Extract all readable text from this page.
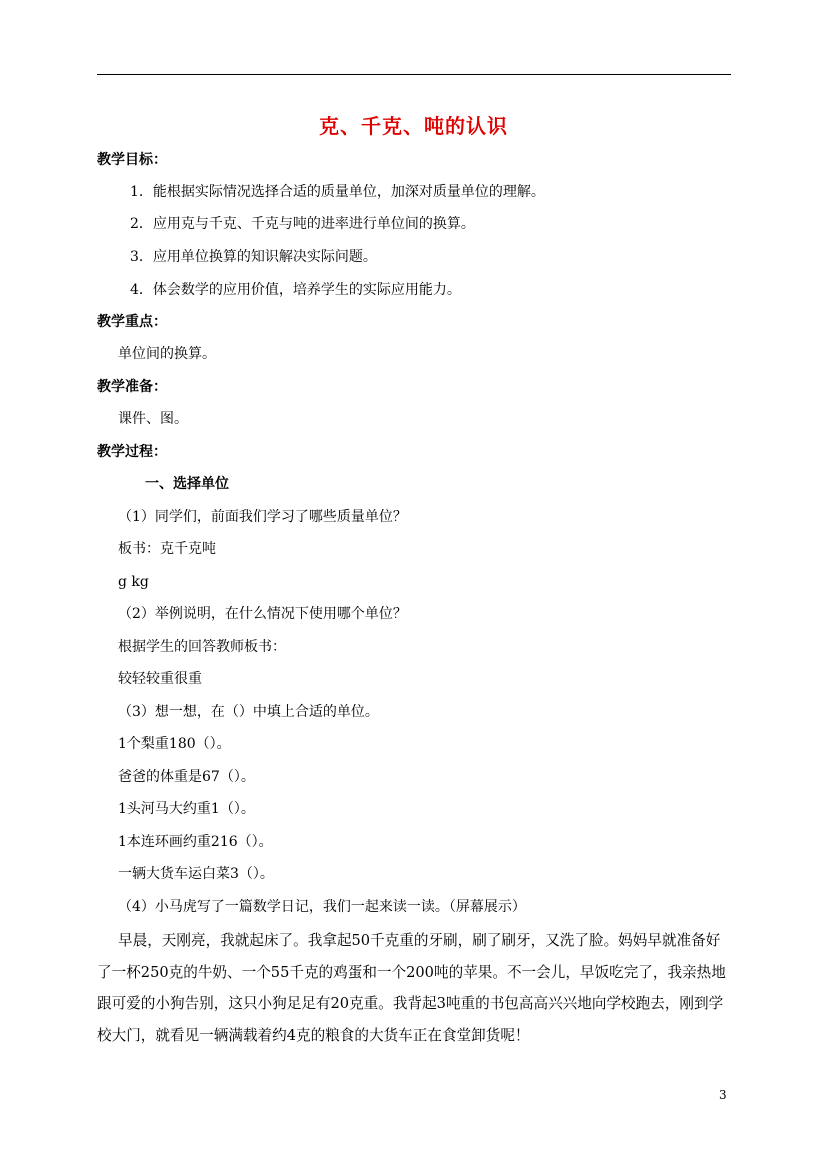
克、千克、吨的认识
教学目标：
1．能根据实际情况选择合适的质量单位，加深对质量单位的理解。
2．应用克与千克、千克与吨的进率进行单位间的换算。
3．应用单位换算的知识解决实际问题。
4．体会数学的应用价值，培养学生的实际应用能力。
教学重点：
单位间的换算。
教学准备：
课件、图。
教学过程：
一、选择单位
（1）同学们，前面我们学习了哪些质量单位？
板书：克千克吨
g kg
（2）举例说明，在什么情况下使用哪个单位？
根据学生的回答教师板书：
较轻较重很重
（3）想一想，在（）中填上合适的单位。
1个梨重180（）。
爸爸的体重是67（）。
1头河马大约重1（）。
1本连环画约重216（）。
一辆大货车运白菜3（）。
（4）小马虎写了一篇数学日记，我们一起来读一读。（屏幕展示）
早晨，天刚亮，我就起床了。我拿起50千克重的牙刷，刷了刷牙，又洗了脸。妈妈早就准备好了一杯250克的牛奶、一个55千克的鸡蛋和一个200吨的苹果。不一会儿，早饭吃完了，我亲热地跟可爱的小狗告别，这只小狗足足有20克重。我背起3吨重的书包高高兴兴地向学校跑去，刚到学校大门，就看见一辆满载着约4克的粮食的大货车正在食堂卸货呢！
3
